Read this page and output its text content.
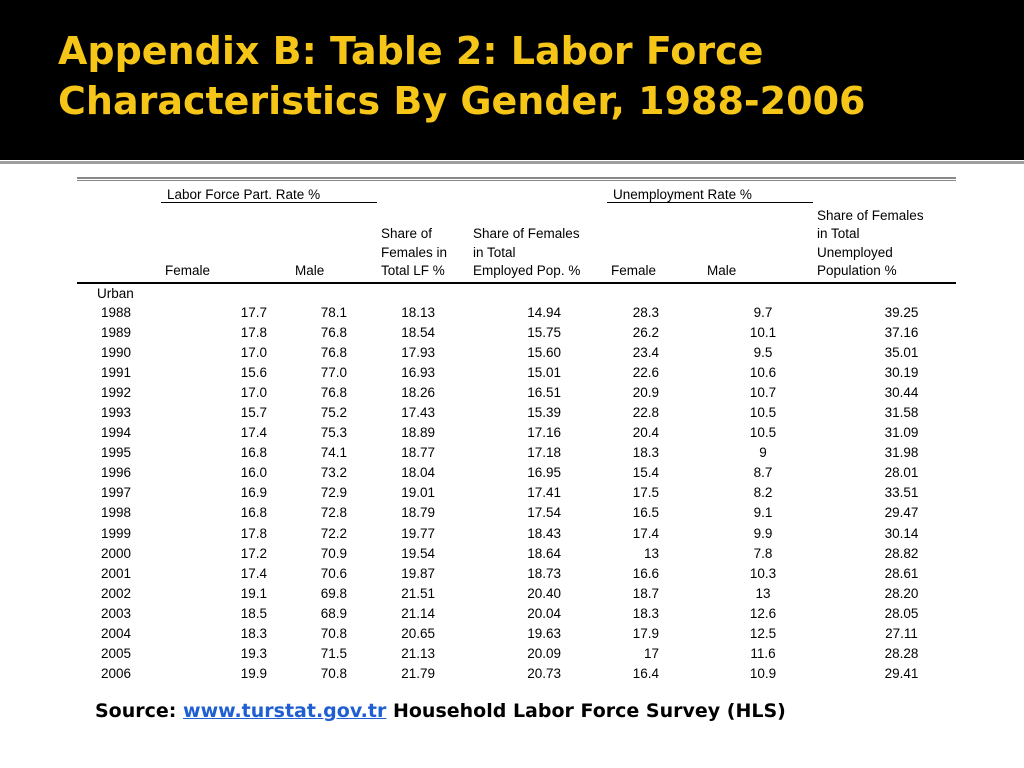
Appendix B: Table 2: Labor Force
Characteristics By Gender, 1988-2006
	Labor Force Part. Rate %				Unemployment Rate %		
	Female	Male	Share of
Females in
Total LF %	Share of Females
in Total
Employed Pop. %	Female	Male	Share of Females
in Total
Unemployed
Population %
Urban							
1988	17.7	78.1	18.13	14.94	28.3	9.7	39.25
1989	17.8	76.8	18.54	15.75	26.2	10.1	37.16
1990	17.0	76.8	17.93	15.60	23.4	9.5	35.01
1991	15.6	77.0	16.93	15.01	22.6	10.6	30.19
1992	17.0	76.8	18.26	16.51	20.9	10.7	30.44
1993	15.7	75.2	17.43	15.39	22.8	10.5	31.58
1994	17.4	75.3	18.89	17.16	20.4	10.5	31.09
1995	16.8	74.1	18.77	17.18	18.3	9	31.98
1996	16.0	73.2	18.04	16.95	15.4	8.7	28.01
1997	16.9	72.9	19.01	17.41	17.5	8.2	33.51
1998	16.8	72.8	18.79	17.54	16.5	9.1	29.47
1999	17.8	72.2	19.77	18.43	17.4	9.9	30.14
2000	17.2	70.9	19.54	18.64	13	7.8	28.82
2001	17.4	70.6	19.87	18.73	16.6	10.3	28.61
2002	19.1	69.8	21.51	20.40	18.7	13	28.20
2003	18.5	68.9	21.14	20.04	18.3	12.6	28.05
2004	18.3	70.8	20.65	19.63	17.9	12.5	27.11
2005	19.3	71.5	21.13	20.09	17	11.6	28.28
2006	19.9	70.8	21.79	20.73	16.4	10.9	29.41
Source: www.turstat.gov.tr Household Labor Force Survey (HLS)
